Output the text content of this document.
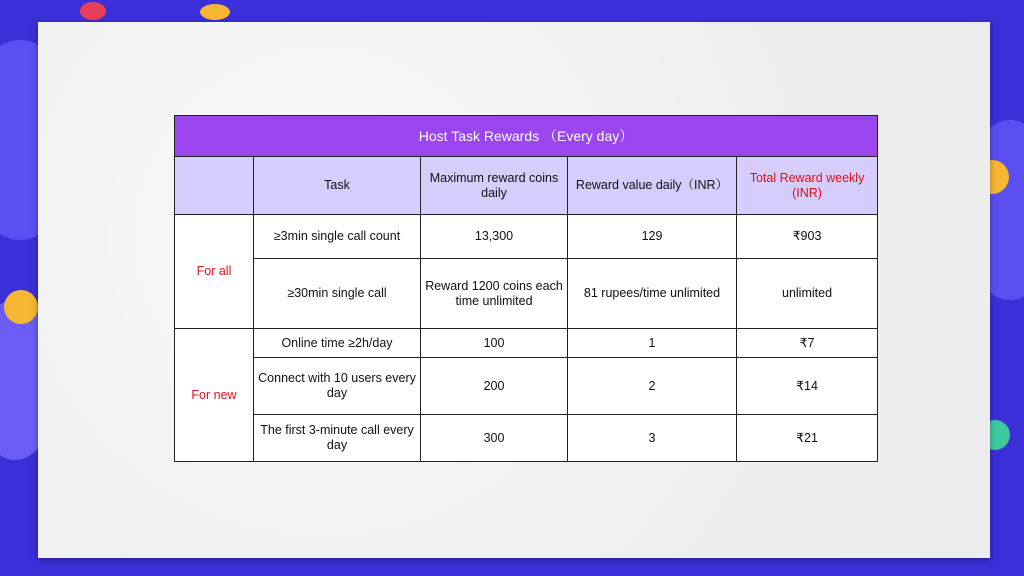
Host Task Rewards （Every day）				
	Task	Maximum reward coins daily	Reward value daily（INR）	Total Reward weekly (INR)
For all	≥3min single call count	13,300	129	₹903
	≥30min single call	Reward 1200 coins each time unlimited	81 rupees/time unlimited	unlimited
For new	Online time ≥2h/day	100	1	₹7
	Connect with 10 users every day	200	2	₹14
	The first 3-minute call every day	300	3	₹21
